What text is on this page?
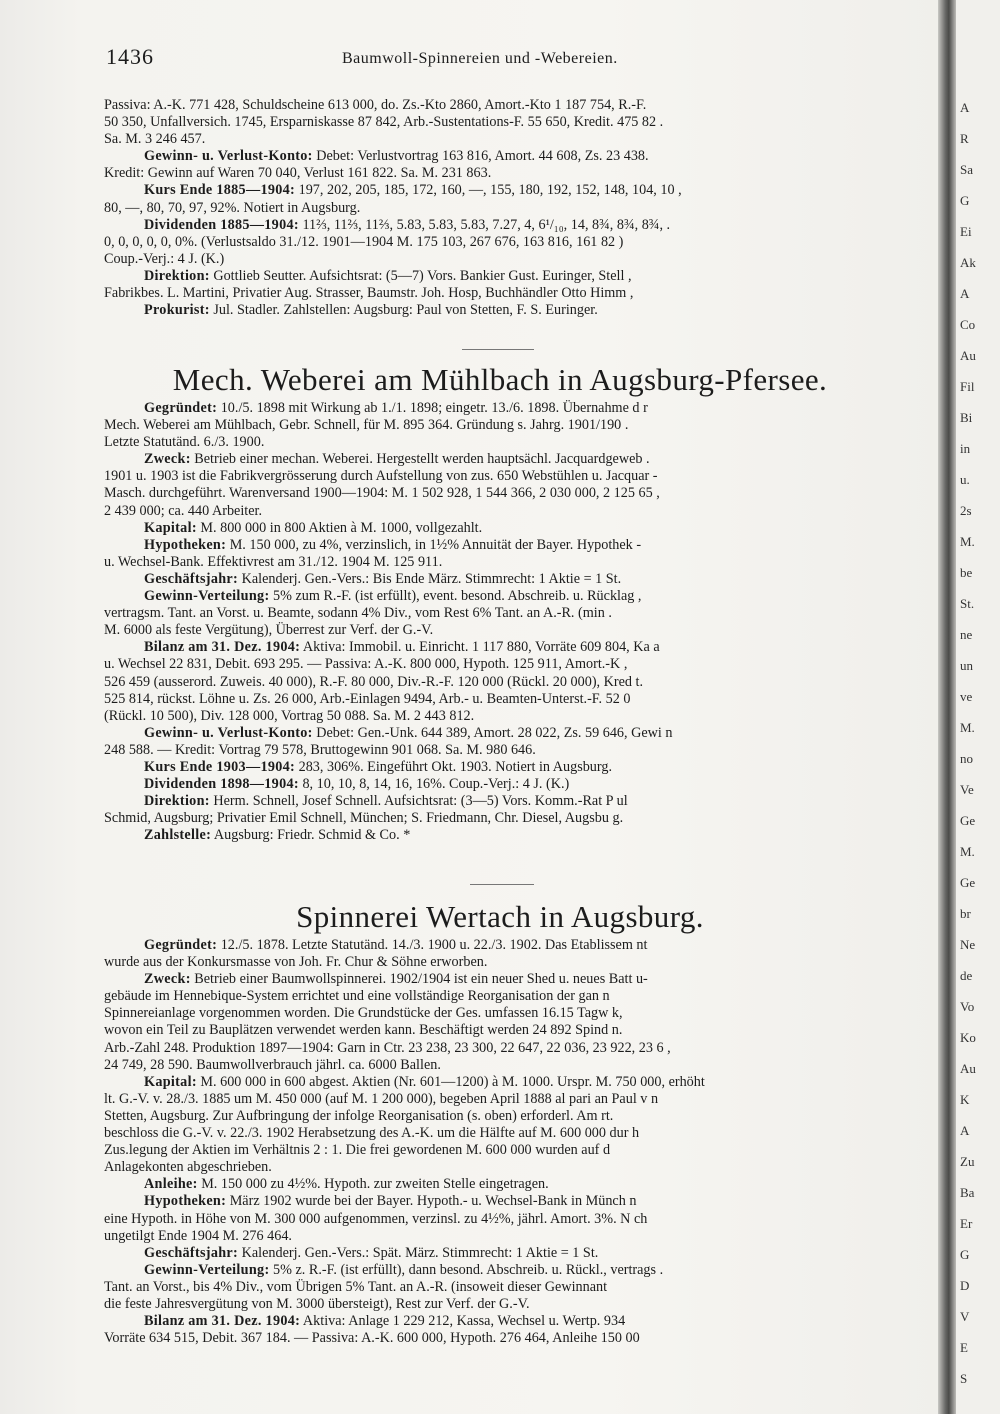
1436	Baumwoll-Spinnereien und -Webereien.
Passiva: A.-K. 771 428, Schuldscheine 613 000, do. Zs.-Kto 2860, Amort.-Kto 1 187 754, R.-F.
50 350, Unfallversich. 1745, Ersparniskasse 87 842, Arb.-Sustentations-F. 55 650, Kredit. 475 82 .
Sa. M. 3 246 457.
Gewinn- u. Verlust-Konto: Debet: Verlustvortrag 163 816, Amort. 44 608, Zs. 23 438.
Kredit: Gewinn auf Waren 70 040, Verlust 161 822. Sa. M. 231 863.
Kurs Ende 1885—1904: 197, 202, 205, 185, 172, 160, —, 155, 180, 192, 152, 148, 104, 10 ,
80, —, 80, 70, 97, 92%. Notiert in Augsburg.
Dividenden 1885—1904: 11⅔, 11⅔, 11⅔, 5.83, 5.83, 5.83, 7.27, 4, 6¹/₁₀, 14, 8¾, 8¾, 8¾, .
0, 0, 0, 0, 0, 0%. (Verlustsaldo 31./12. 1901—1904 M. 175 103, 267 676, 163 816, 161 82 )
Coup.-Verj.: 4 J. (K.)
Direktion: Gottlieb Seutter. Aufsichtsrat: (5—7) Vors. Bankier Gust. Euringer, Stell ,
Fabrikbes. L. Martini, Privatier Aug. Strasser, Baumstr. Joh. Hosp, Buchhändler Otto Himm ,
Prokurist: Jul. Stadler. Zahlstellen: Augsburg: Paul von Stetten, F. S. Euringer.
Mech. Weberei am Mühlbach in Augsburg-Pfersee.
Gegründet: 10./5. 1898 mit Wirkung ab 1./1. 1898; eingetr. 13./6. 1898. Übernahme d r
Mech. Weberei am Mühlbach, Gebr. Schnell, für M. 895 364. Gründung s. Jahrg. 1901/190 .
Letzte Statutänd. 6./3. 1900.
Zweck: Betrieb einer mechan. Weberei. Hergestellt werden hauptsächl. Jacquardgeweb .
1901 u. 1903 ist die Fabrikvergrösserung durch Aufstellung von zus. 650 Webstühlen u. Jacquar -
Masch. durchgeführt. Warenversand 1900—1904: M. 1 502 928, 1 544 366, 2 030 000, 2 125 65 ,
2 439 000; ca. 440 Arbeiter.
Kapital: M. 800 000 in 800 Aktien à M. 1000, vollgezahlt.
Hypotheken: M. 150 000, zu 4%, verzinslich, in 1½% Annuität der Bayer. Hypothek -
u. Wechsel-Bank. Effektivrest am 31./12. 1904 M. 125 911.
Geschäftsjahr: Kalenderj. Gen.-Vers.: Bis Ende März. Stimmrecht: 1 Aktie = 1 St.
Gewinn-Verteilung: 5% zum R.-F. (ist erfüllt), event. besond. Abschreib. u. Rücklag ,
vertragsm. Tant. an Vorst. u. Beamte, sodann 4% Div., vom Rest 6% Tant. an A.-R. (min .
M. 6000 als feste Vergütung), Überrest zur Verf. der G.-V.
Bilanz am 31. Dez. 1904: Aktiva: Immobil. u. Einricht. 1 117 880, Vorräte 609 804, Ka a
u. Wechsel 22 831, Debit. 693 295. — Passiva: A.-K. 800 000, Hypoth. 125 911, Amort.-K ,
526 459 (ausserord. Zuweis. 40 000), R.-F. 80 000, Div.-R.-F. 120 000 (Rückl. 20 000), Kred t.
525 814, rückst. Löhne u. Zs. 26 000, Arb.-Einlagen 9494, Arb.- u. Beamten-Unterst.-F. 52 0
(Rückl. 10 500), Div. 128 000, Vortrag 50 088. Sa. M. 2 443 812.
Gewinn- u. Verlust-Konto: Debet: Gen.-Unk. 644 389, Amort. 28 022, Zs. 59 646, Gewi n
248 588. — Kredit: Vortrag 79 578, Bruttogewinn 901 068. Sa. M. 980 646.
Kurs Ende 1903—1904: 283, 306%. Eingeführt Okt. 1903. Notiert in Augsburg.
Dividenden 1898—1904: 8, 10, 10, 8, 14, 16, 16%. Coup.-Verj.: 4 J. (K.)
Direktion: Herm. Schnell, Josef Schnell. Aufsichtsrat: (3—5) Vors. Komm.-Rat P ul
Schmid, Augsburg; Privatier Emil Schnell, München; S. Friedmann, Chr. Diesel, Augsbu g.
Zahlstelle: Augsburg: Friedr. Schmid & Co. *
Spinnerei Wertach in Augsburg.
Gegründet: 12./5. 1878. Letzte Statutänd. 14./3. 1900 u. 22./3. 1902. Das Etablissem nt
wurde aus der Konkursmasse von Joh. Fr. Chur & Söhne erworben.
Zweck: Betrieb einer Baumwollspinnerei. 1902/1904 ist ein neuer Shed u. neues Batt u-
gebäude im Hennebique-System errichtet und eine vollständige Reorganisation der gan n
Spinnereianlage vorgenommen worden. Die Grundstücke der Ges. umfassen 16.15 Tagw k,
wovon ein Teil zu Bauplätzen verwendet werden kann. Beschäftigt werden 24 892 Spind n.
Arb.-Zahl 248. Produktion 1897—1904: Garn in Ctr. 23 238, 23 300, 22 647, 22 036, 23 922, 23 6 ,
24 749, 28 590. Baumwollverbrauch jährl. ca. 6000 Ballen.
Kapital: M. 600 000 in 600 abgest. Aktien (Nr. 601—1200) à M. 1000. Urspr. M. 750 000, erhöht
lt. G.-V. v. 28./3. 1885 um M. 450 000 (auf M. 1 200 000), begeben April 1888 al pari an Paul v n
Stetten, Augsburg. Zur Aufbringung der infolge Reorganisation (s. oben) erforderl. Am rt.
beschloss die G.-V. v. 22./3. 1902 Herabsetzung des A.-K. um die Hälfte auf M. 600 000 dur h
Zus.legung der Aktien im Verhältnis 2 : 1. Die frei gewordenen M. 600 000 wurden auf d
Anlagekonten abgeschrieben.
Anleihe: M. 150 000 zu 4½%. Hypoth. zur zweiten Stelle eingetragen.
Hypotheken: März 1902 wurde bei der Bayer. Hypoth.- u. Wechsel-Bank in Münch n
eine Hypoth. in Höhe von M. 300 000 aufgenommen, verzinsl. zu 4½%, jährl. Amort. 3%. N ch
ungetilgt Ende 1904 M. 276 464.
Geschäftsjahr: Kalenderj. Gen.-Vers.: Spät. März. Stimmrecht: 1 Aktie = 1 St.
Gewinn-Verteilung: 5% z. R.-F. (ist erfüllt), dann besond. Abschreib. u. Rückl., vertrags .
Tant. an Vorst., bis 4% Div., vom Übrigen 5% Tant. an A.-R. (insoweit dieser Gewinnant
die feste Jahresvergütung von M. 3000 übersteigt), Rest zur Verf. der G.-V.
Bilanz am 31. Dez. 1904: Aktiva: Anlage 1 229 212, Kassa, Wechsel u. Wertp. 934
Vorräte 634 515, Debit. 367 184. — Passiva: A.-K. 600 000, Hypoth. 276 464, Anleihe 150 00
A
R
Sa
G
Ei
Ak
A
Co
Au
Fil
Bi
in
u.
2s
M.
be
St.
ne
un
ve
M.
no
Ve
Ge
M.
Ge
br
Ne
de
Vo
Ko
Au
K
A
Zu
Ba
Er
G
D
V
E
S
